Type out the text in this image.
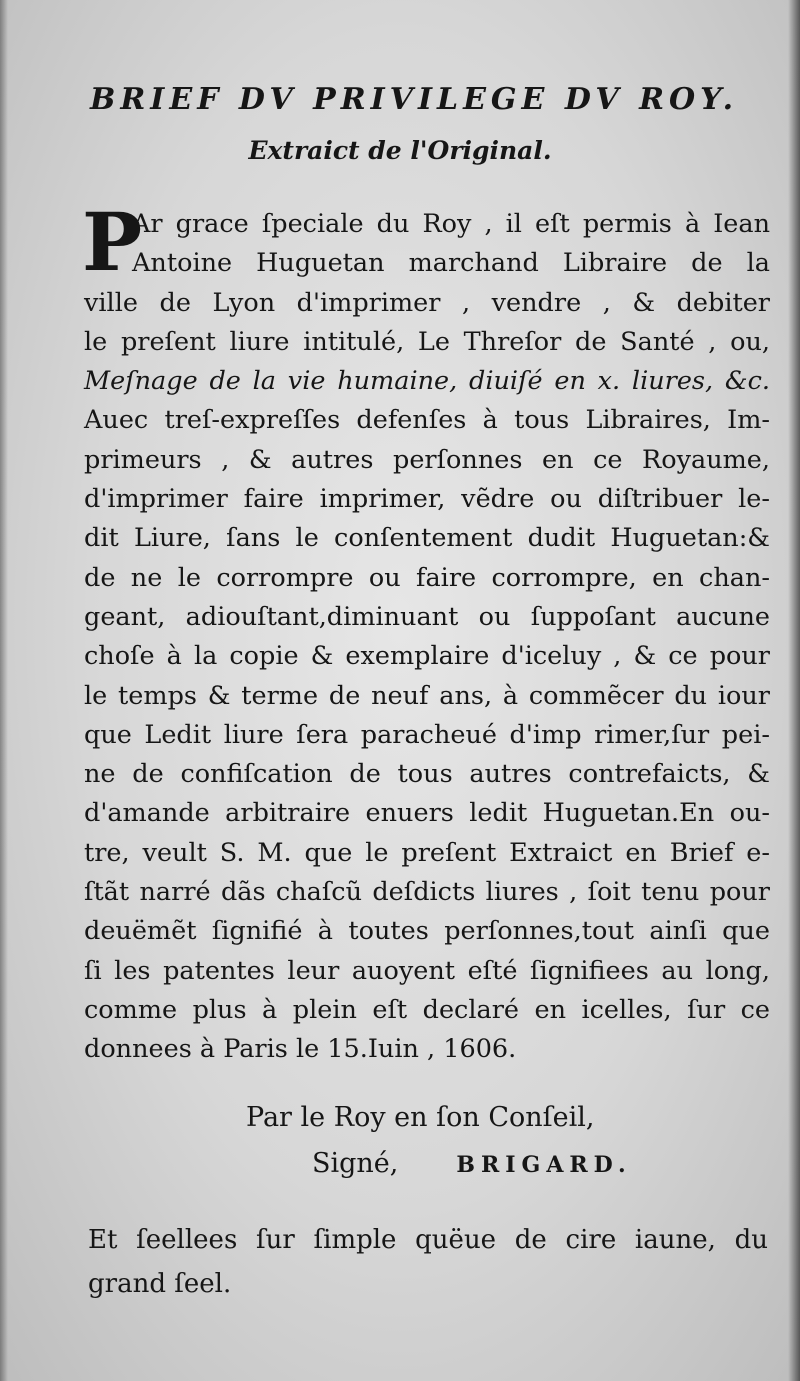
BRIEF DV PRIVILEGE DV ROY.
Extraict de l'Original.
P
Ar grace ſpeciale du Roy , il eſt permis à Iean
Antoine Huguetan marchand Libraire de la
ville de Lyon d'imprimer , vendre , & debiter
le preſent liure intitulé, Le Threſor de Santé , ou,
Meſnage de la vie humaine, diuiſé en x. liures, &c.
Auec treſ-expreſſes defenſes à tous Libraires, Im-
primeurs , & autres perſonnes en ce Royaume,
d'imprimer faire imprimer, vẽdre ou diſtribuer le-
dit Liure, ſans le conſentement dudit Huguetan:&
de ne le corrompre ou faire corrompre, en chan-
geant, adiouſtant,diminuant ou ſuppoſant aucune
choſe à la copie & exemplaire d'iceluy , & ce pour
le temps & terme de neuf ans, à commẽcer du iour
que Ledit liure ſera paracheué d'imp rimer,ſur pei-
ne de confiſcation de tous autres contrefaicts, &
d'amande arbitraire enuers ledit Huguetan.En ou-
tre, veult S. M. que le preſent Extraict en Brief e-
ſtãt narré dãs chaſcũ deſdicts liures , ſoit tenu pour
deuëmẽt ſignifié à toutes perſonnes,tout ainſi que
ſi les patentes leur auoyent eſté ſignifiees au long,
comme plus à plein eſt declaré en icelles, ſur ce
donnees à Paris le 15.Iuin , 1606.
Par le Roy en ſon Conſeil,
Signé,	BRIGARD.
Et ſeellees ſur ſimple quëue de cire iaune, du
grand ſeel.
